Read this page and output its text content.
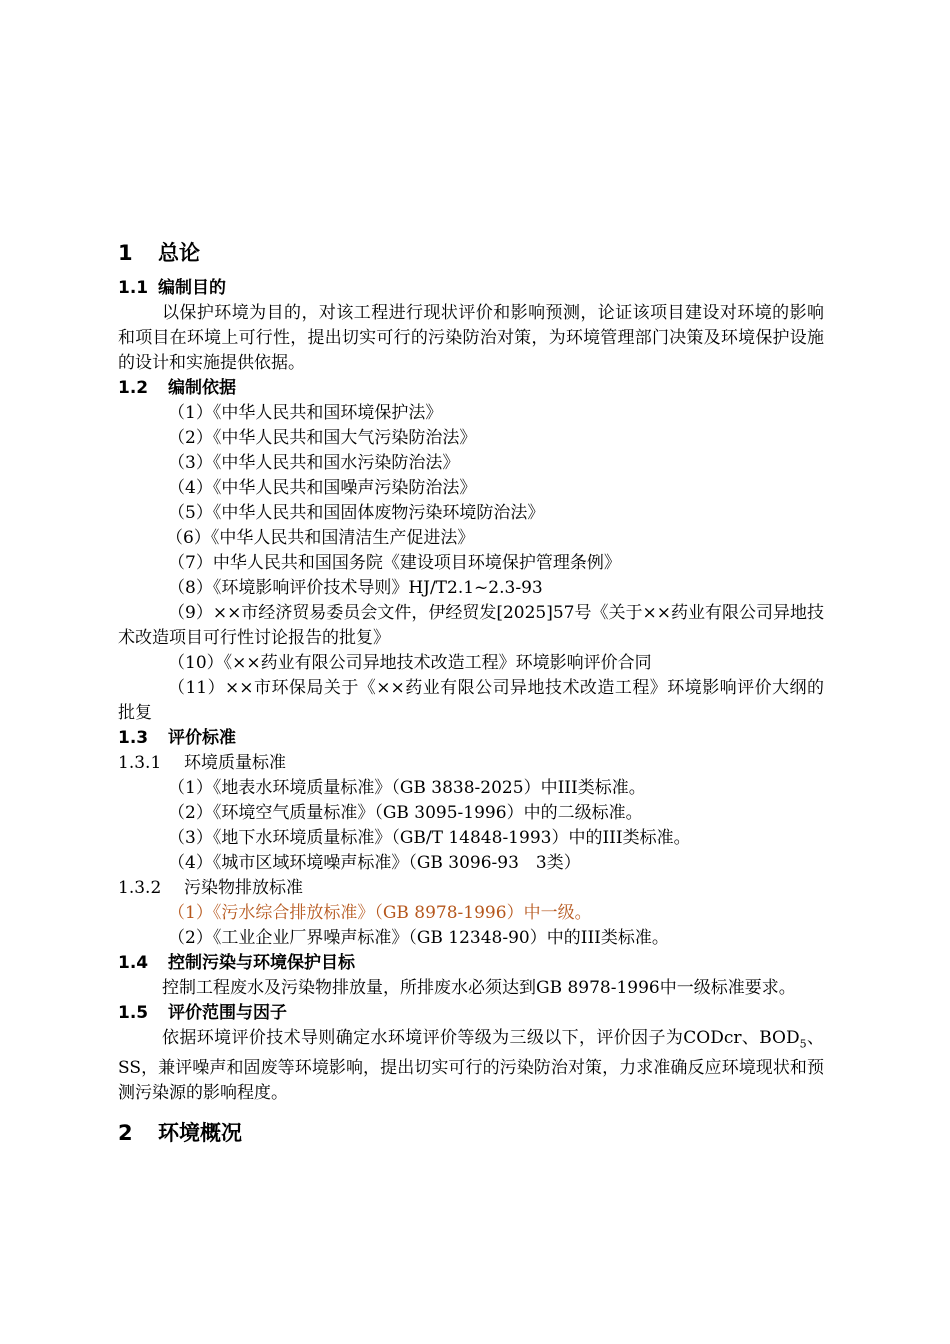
1 总论
1.1 编制目的

以保护环境为目的，对该工程进行现状评价和影响预测，论证该项目建设对环境的影响和项目在环境上可行性，提出切实可行的污染防治对策，为环境管理部门决策及环境保护设施的设计和实施提供依据。

1.2 编制依据

（1）《中华人民共和国环境保护法》

（2）《中华人民共和国大气污染防治法》

（3）《中华人民共和国水污染防治法》

（4）《中华人民共和国噪声污染防治法》

（5）《中华人民共和国固体废物污染环境防治法》

（6）《中华人民共和国清洁生产促进法》

（7）中华人民共和国国务院《建设项目环境保护管理条例》

（8）《环境影响评价技术导则》HJ/T2.1~2.3-93

（9）××市经济贸易委员会文件，伊经贸发[2025]57号《关于××药业有限公司异地技术改造项目可行性讨论报告的批复》

（10）《××药业有限公司异地技术改造工程》环境影响评价合同

（11）××市环保局关于《××药业有限公司异地技术改造工程》环境影响评价大纲的批复

1.3 评价标准
1.3.1 环境质量标准

（1）《地表水环境质量标准》（GB 3838-2025）中III类标准。

（2）《环境空气质量标准》（GB 3095-1996）中的二级标准。

（3）《地下水环境质量标准》（GB/T 14848-1993）中的III类标准。

（4）《城市区域环境噪声标准》（GB 3096-93　3类）

1.3.2 污染物排放标准

（1）《污水综合排放标准》（GB 8978-1996）中一级。

（2）《工业企业厂界噪声标准》（GB 12348-90）中的III类标准。

1.4 控制污染与环境保护目标

控制工程废水及污染物排放量，所排废水必须达到GB 8978-1996中一级标准要求。

1.5 评价范围与因子

依据环境评价技术导则确定水环境评价等级为三级以下，评价因子为CODcr、$BOD_5$、SS，兼评噪声和固废等环境影响，提出切实可行的污染防治对策，力求准确反应环境现状和预测污染源的影响程度。

2 环境概况
